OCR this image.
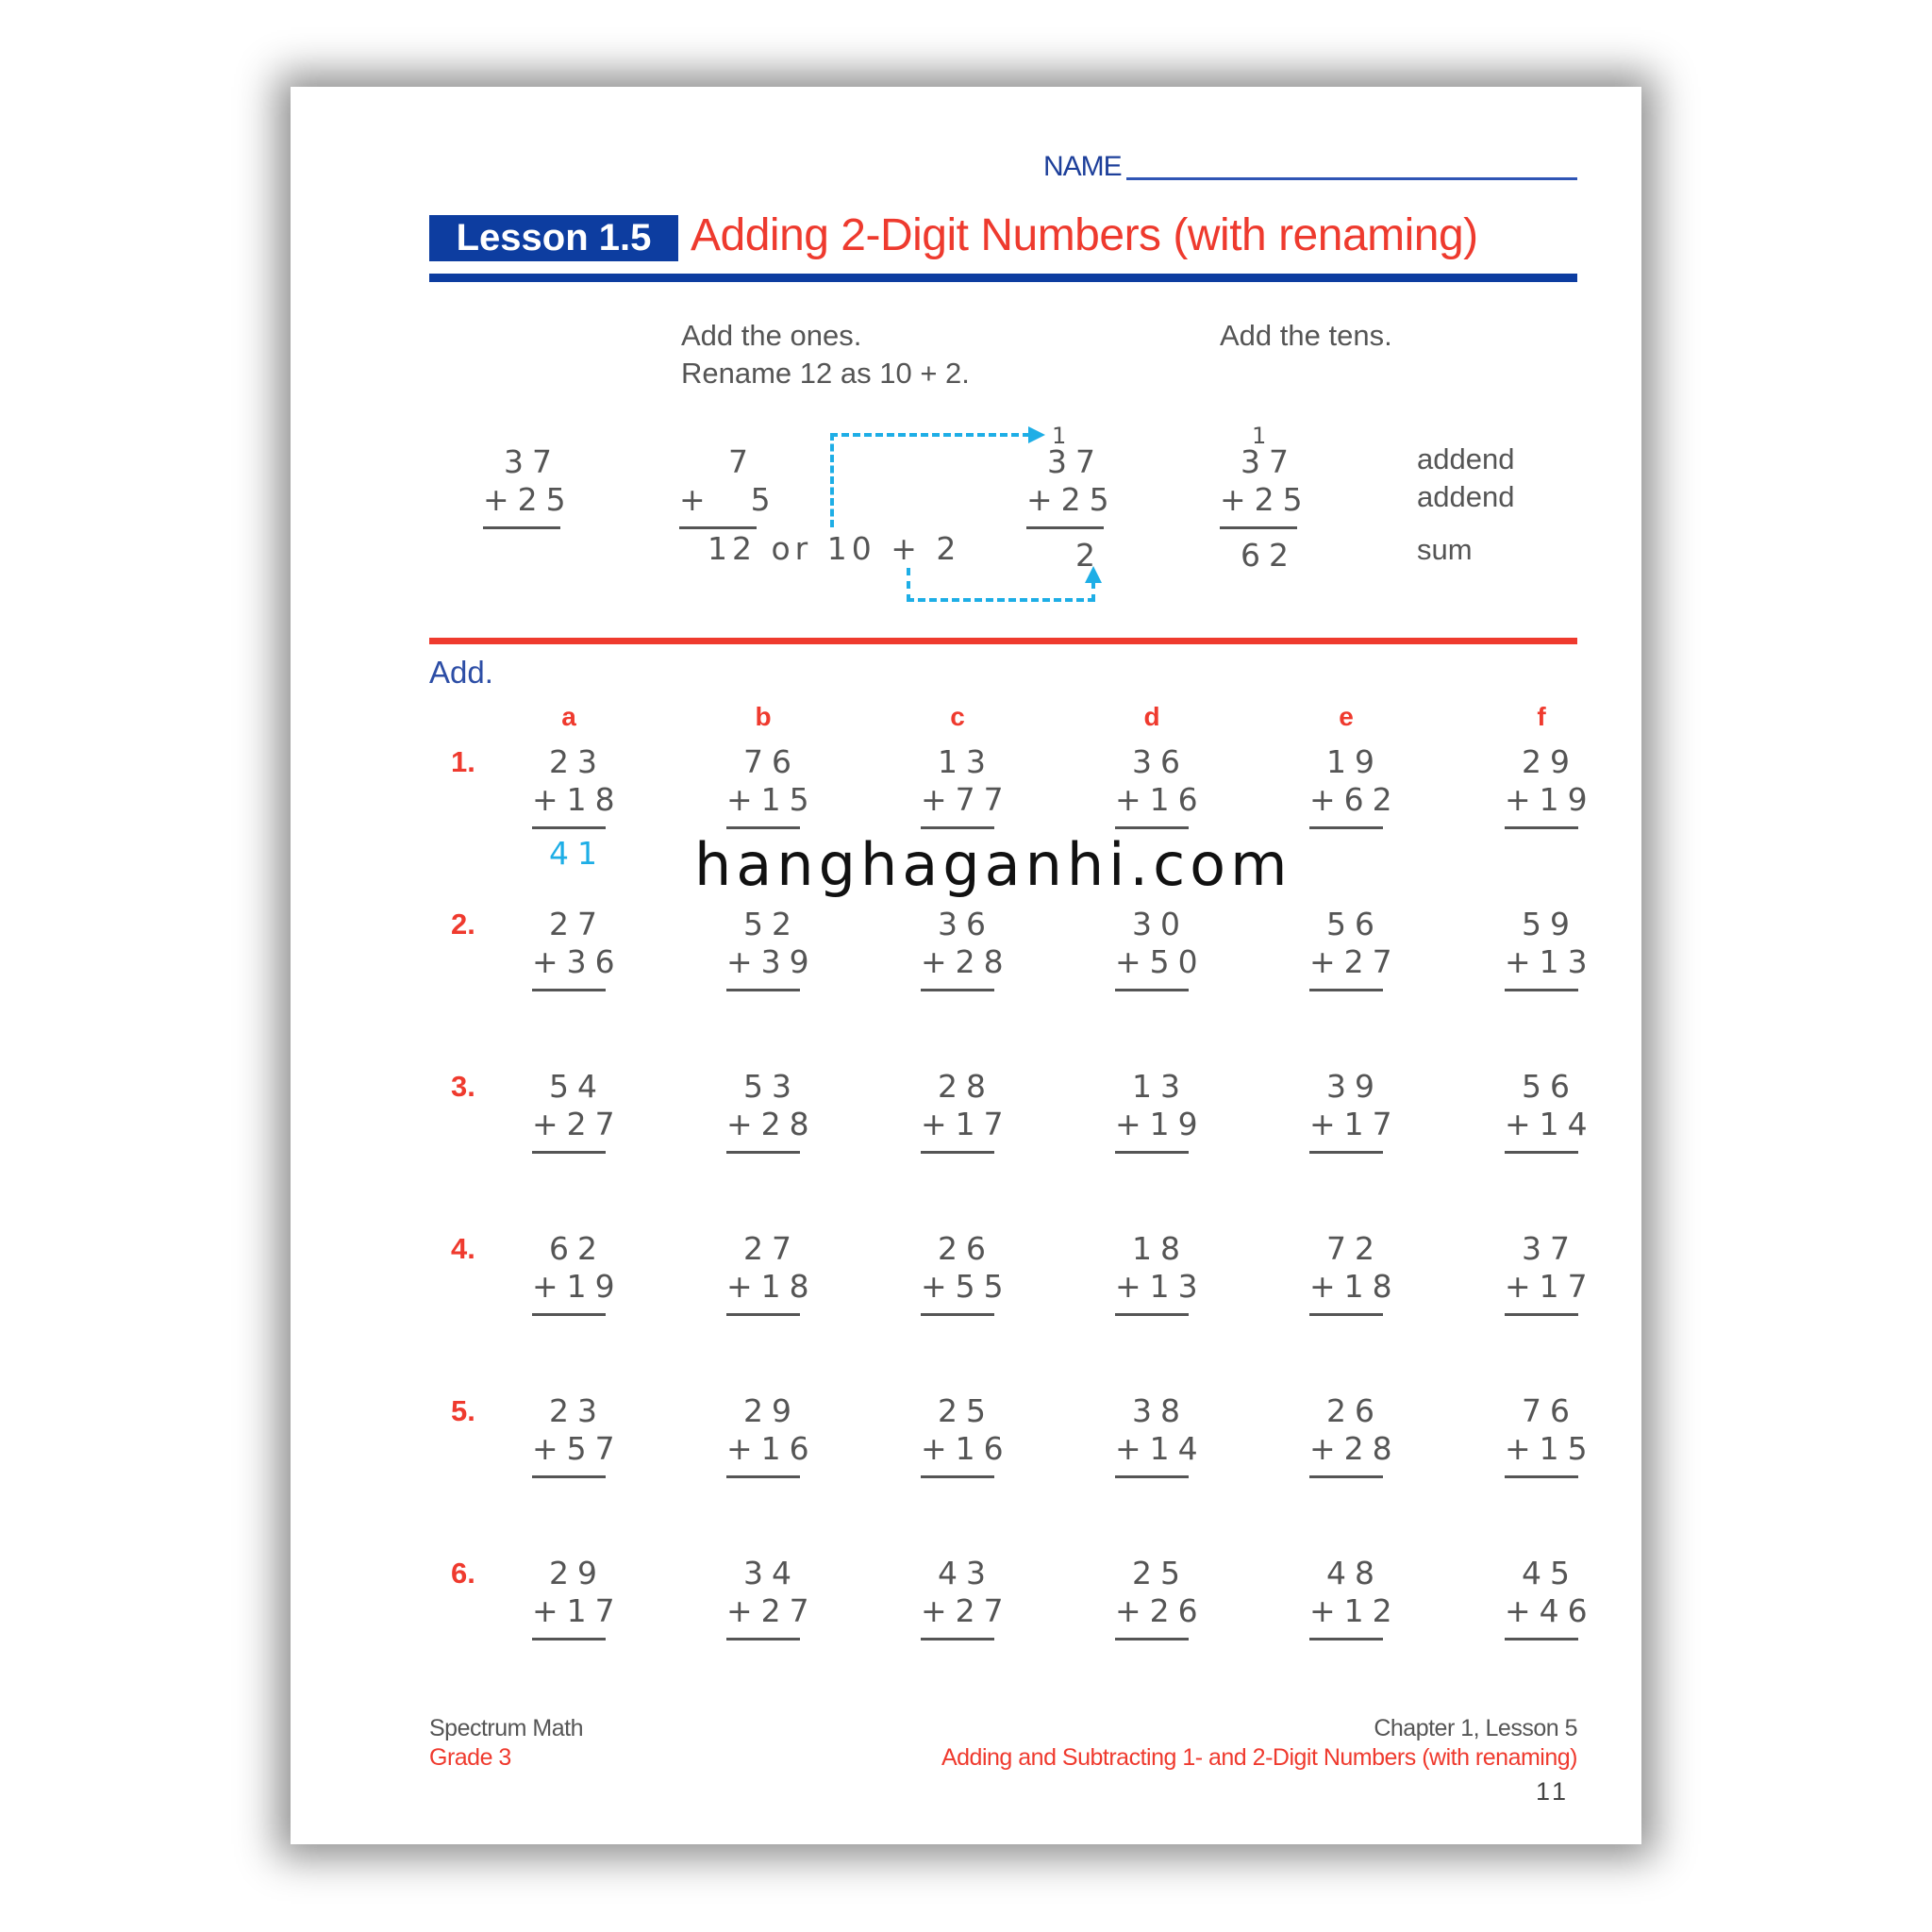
NAME
Lesson 1.5 Adding 2-Digit Numbers (with renaming)
Add the ones.
Rename 12 as 10 + 2.
Add the tens.
37
+25
7
+  5
12 or 10 + 2
1
37
+25
2
1
37
+25
62
addend
addend
sum
Add.
a	b	c	d	e	f
1.	23
+18
41
76
+15
13
+77
36
+16
19
+62
29
+19
2.	27
+36
52
+39
36
+28
30
+50
56
+27
59
+13
3.	54
+27
53
+28
28
+17
13
+19
39
+17
56
+14
4.	62
+19
27
+18
26
+55
18
+13
72
+18
37
+17
5.	23
+57
29
+16
25
+16
38
+14
26
+28
76
+15
6.	29
+17
34
+27
43
+27
25
+26
48
+12
45
+46
hanghaganhi.com
Spectrum Math
Grade 3
Chapter 1, Lesson 5
Adding and Subtracting 1- and 2-Digit Numbers (with renaming)
11
